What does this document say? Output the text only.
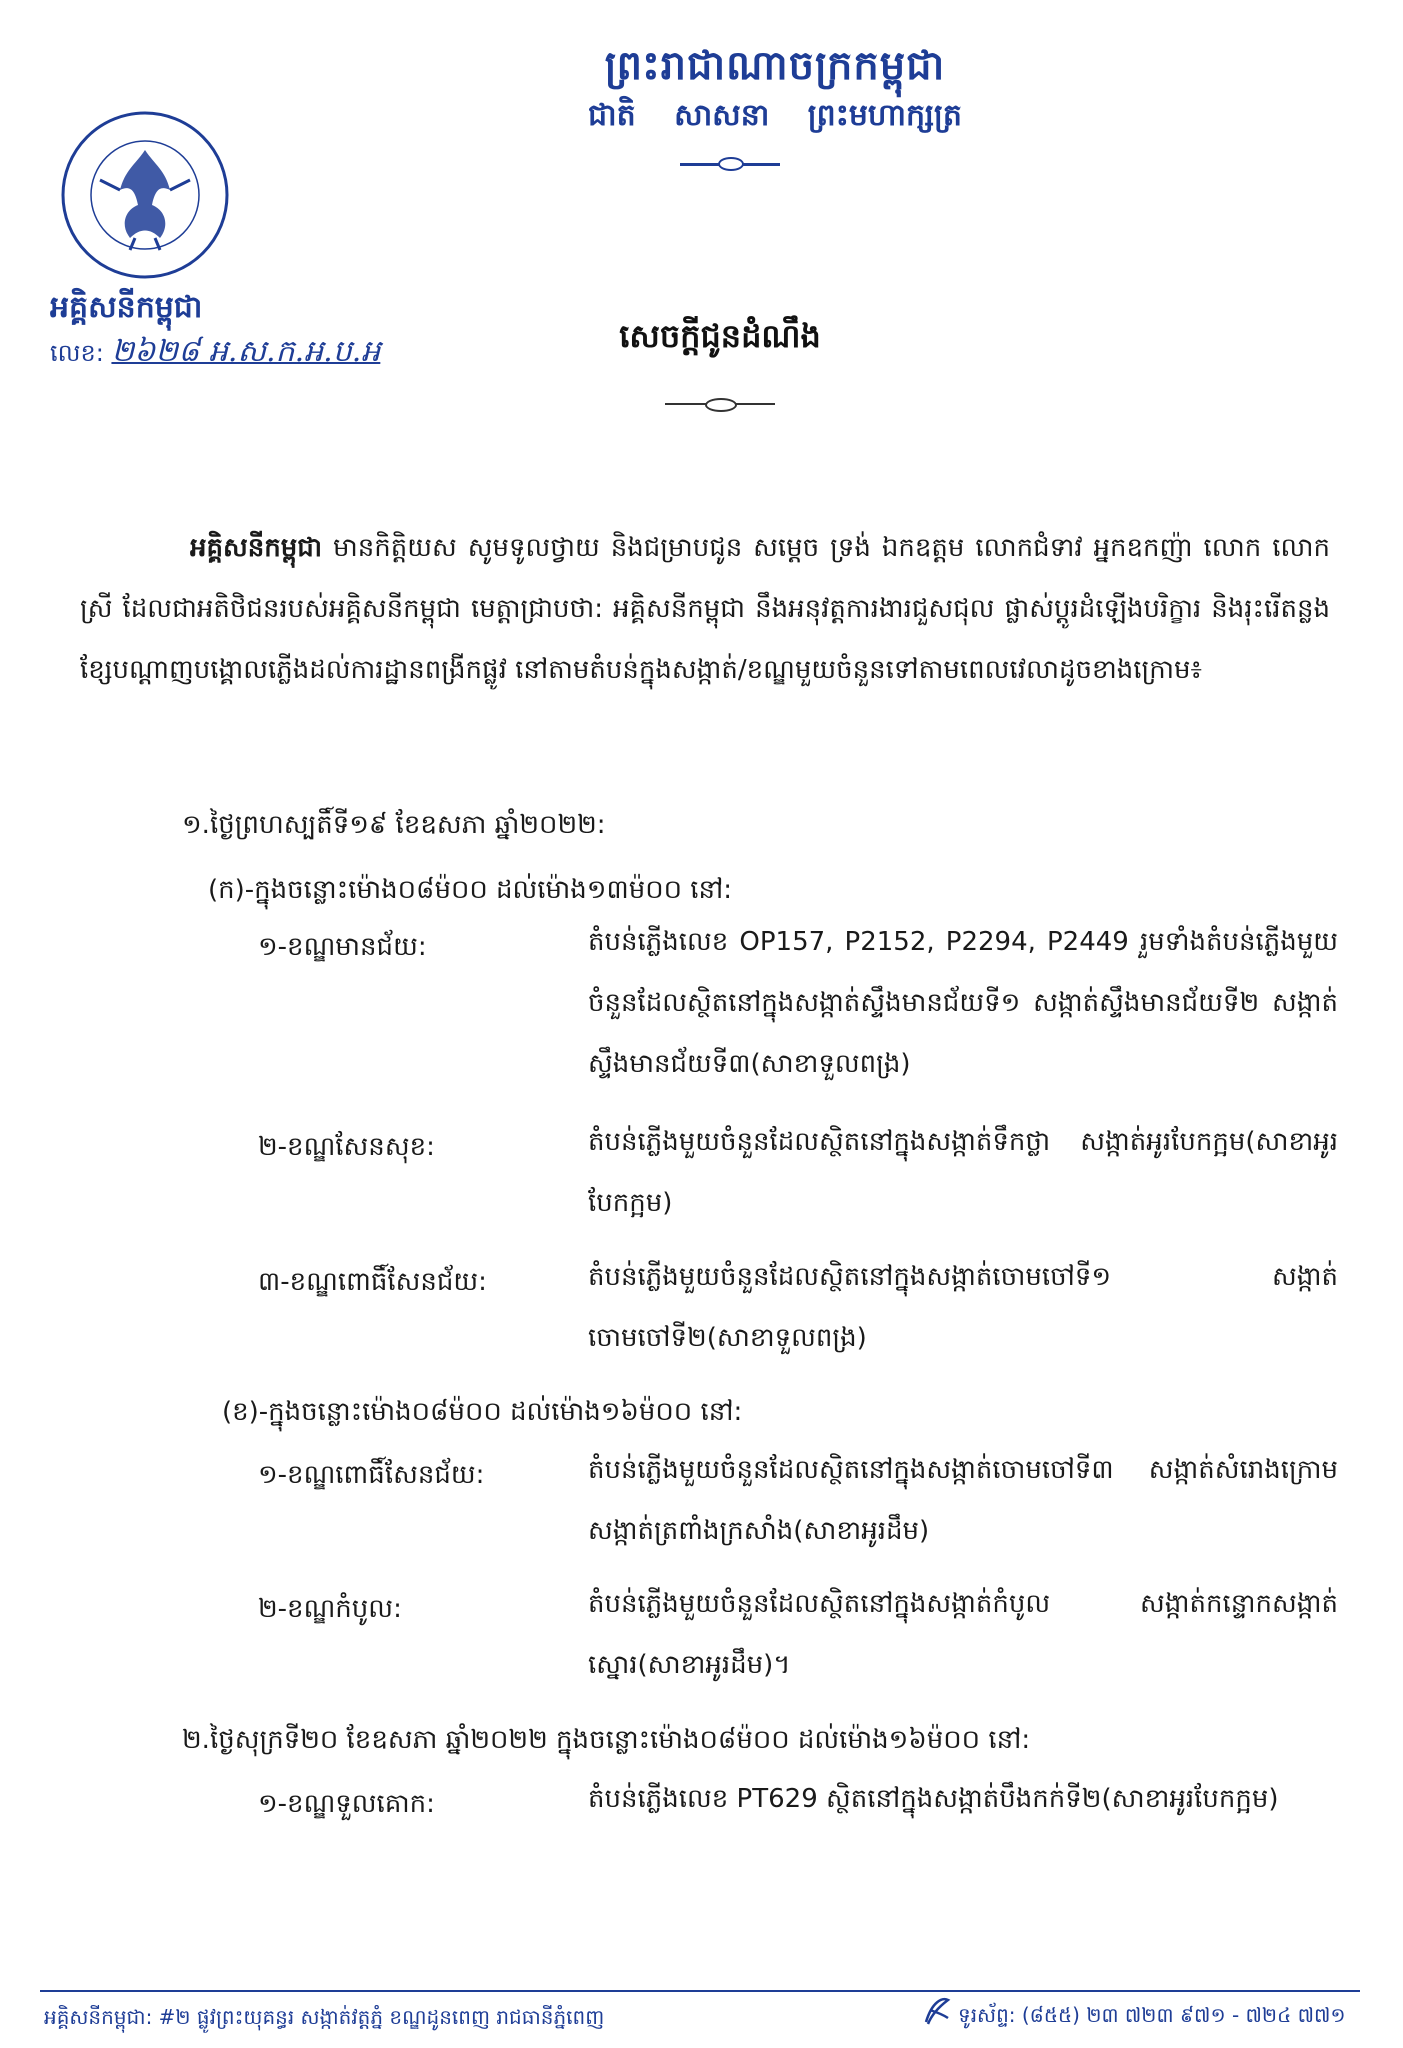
ព្រះរាជាណាចក្រកម្ពុជា
ជាតិ សាសនា ព្រះមហាក្សត្រ
អគ្គិសនីកម្ពុជា
លេខ: ២៦២៨ អ.ស.ក.អ.ប.អ	សេចក្តីជូនដំណឹង
អគ្គិសនីកម្ពុជា មានកិត្តិយស សូមទូលថ្វាយ និងជម្រាបជូន សម្តេច ទ្រង់ ឯកឧត្តម លោកជំទាវ អ្នកឧកញ៉ា លោក លោកស្រី ដែលជាអតិថិជនរបស់អគ្គិសនីកម្ពុជា មេត្តាជ្រាបថា: អគ្គិសនីកម្ពុជា នឹងអនុវត្តការងារជួសជុល ផ្លាស់ប្តូរដំឡើងបរិក្ខារ និងរុះរើតន្លងខ្សែបណ្តាញបង្គោលភ្លើងដល់ការដ្ឋានពង្រីកផ្លូវ នៅតាមតំបន់ក្នុងសង្កាត់/ខណ្ឌមួយចំនួនទៅតាមពេលវេលាដូចខាងក្រោម៖
១.ថ្ងៃព្រហស្បតិ៍ទី១៩ ខែឧសភា ឆ្នាំ២០២២:
(ក)-ក្នុងចន្លោះម៉ោង០៨ម៉០០ ដល់ម៉ោង១៣ម៉០០ នៅ:
១-ខណ្ឌមានជ័យ:	តំបន់ភ្លើងលេខ OP157, P2152, P2294, P2449 រួមទាំងតំបន់ភ្លើងមួយចំនួនដែលស្ថិតនៅក្នុងសង្កាត់ស្ទឹងមានជ័យទី១ សង្កាត់ស្ទឹងមានជ័យទី២ សង្កាត់ស្ទឹងមានជ័យទី៣(សាខាទួលពង្រ)
២-ខណ្ឌសែនសុខ:	តំបន់ភ្លើងមួយចំនួនដែលស្ថិតនៅក្នុងសង្កាត់ទឹកថ្លា សង្កាត់អូរបែកក្អម(សាខាអូរបែកក្អម)
៣-ខណ្ឌពោធិ៍សែនជ័យ:	តំបន់ភ្លើងមួយចំនួនដែលស្ថិតនៅក្នុងសង្កាត់ចោមចៅទី១ សង្កាត់ចោមចៅទី២(សាខាទួលពង្រ)
(ខ)-ក្នុងចន្លោះម៉ោង០៨ម៉០០ ដល់ម៉ោង១៦ម៉០០ នៅ:
១-ខណ្ឌពោធិ៍សែនជ័យ:	តំបន់ភ្លើងមួយចំនួនដែលស្ថិតនៅក្នុងសង្កាត់ចោមចៅទី៣ សង្កាត់សំរោងក្រោម សង្កាត់ត្រពាំងក្រសាំង(សាខាអូរដឹម)
២-ខណ្ឌកំបូល:	តំបន់ភ្លើងមួយចំនួនដែលស្ថិតនៅក្នុងសង្កាត់កំបូល សង្កាត់កន្ទោកសង្កាត់ស្នោរ(សាខាអូរដឹម)។
២.ថ្ងៃសុក្រទី២០ ខែឧសភា ឆ្នាំ២០២២ ក្នុងចន្លោះម៉ោង០៨ម៉០០ ដល់ម៉ោង១៦ម៉០០ នៅ:
១-ខណ្ឌទួលគោក:	តំបន់ភ្លើងលេខ PT629 ស្ថិតនៅក្នុងសង្កាត់បឹងកក់ទី២(សាខាអូរបែកក្អម)
អគ្គិសនីកម្ពុជា: #២ ផ្លូវព្រះយុគន្ធរ សង្កាត់វត្តភ្នំ ខណ្ឌដូនពេញ រាជធានីភ្នំពេញ	ទូរស័ព្ទ: (៨៥៥) ២៣ ៧២៣ ៩៧១ - ៧២៤ ៧៧១
